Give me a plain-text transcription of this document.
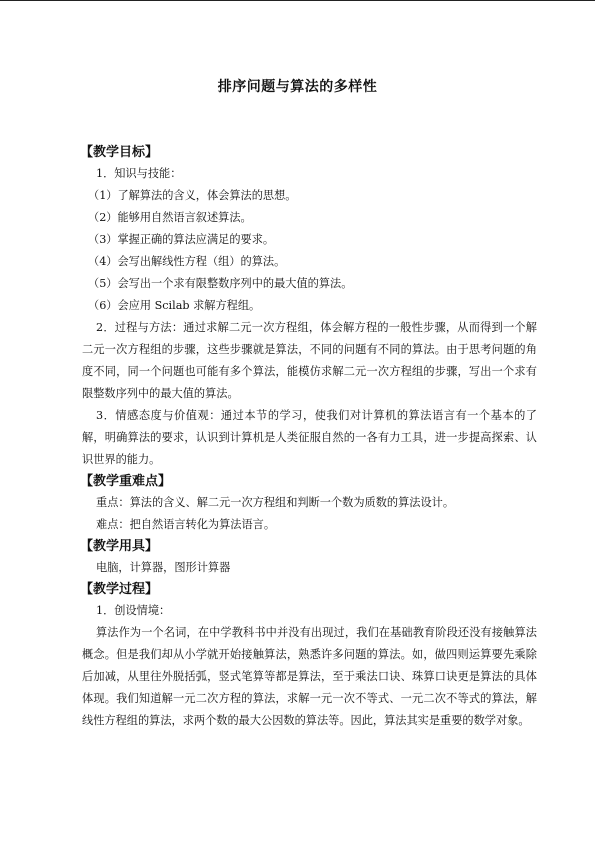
排序问题与算法的多样性
【教学目标】
1．知识与技能：
（1）了解算法的含义，体会算法的思想。
（2）能够用自然语言叙述算法。
（3）掌握正确的算法应满足的要求。
（4）会写出解线性方程（组）的算法。
（5）会写出一个求有限整数序列中的最大值的算法。
（6）会应用 Scilab 求解方程组。
2．过程与方法：通过求解二元一次方程组，体会解方程的一般性步骤，从而得到一个解二元一次方程组的步骤，这些步骤就是算法，不同的问题有不同的算法。由于思考问题的角度不同，同一个问题也可能有多个算法，能模仿求解二元一次方程组的步骤，写出一个求有限整数序列中的最大值的算法。
3．情感态度与价值观：通过本节的学习，使我们对计算机的算法语言有一个基本的了解，明确算法的要求，认识到计算机是人类征服自然的一各有力工具，进一步提高探索、认识世界的能力。
【教学重难点】
重点：算法的含义、解二元一次方程组和判断一个数为质数的算法设计。
难点：把自然语言转化为算法语言。
【教学用具】
电脑，计算器，图形计算器
【教学过程】
1．创设情境：
算法作为一个名词，在中学教科书中并没有出现过，我们在基础教育阶段还没有接触算法概念。但是我们却从小学就开始接触算法，熟悉许多问题的算法。如，做四则运算要先乘除后加减，从里往外脱括弧，竖式笔算等都是算法，至于乘法口诀、珠算口诀更是算法的具体体现。我们知道解一元二次方程的算法，求解一元一次不等式、一元二次不等式的算法，解线性方程组的算法，求两个数的最大公因数的算法等。因此，算法其实是重要的数学对象。
